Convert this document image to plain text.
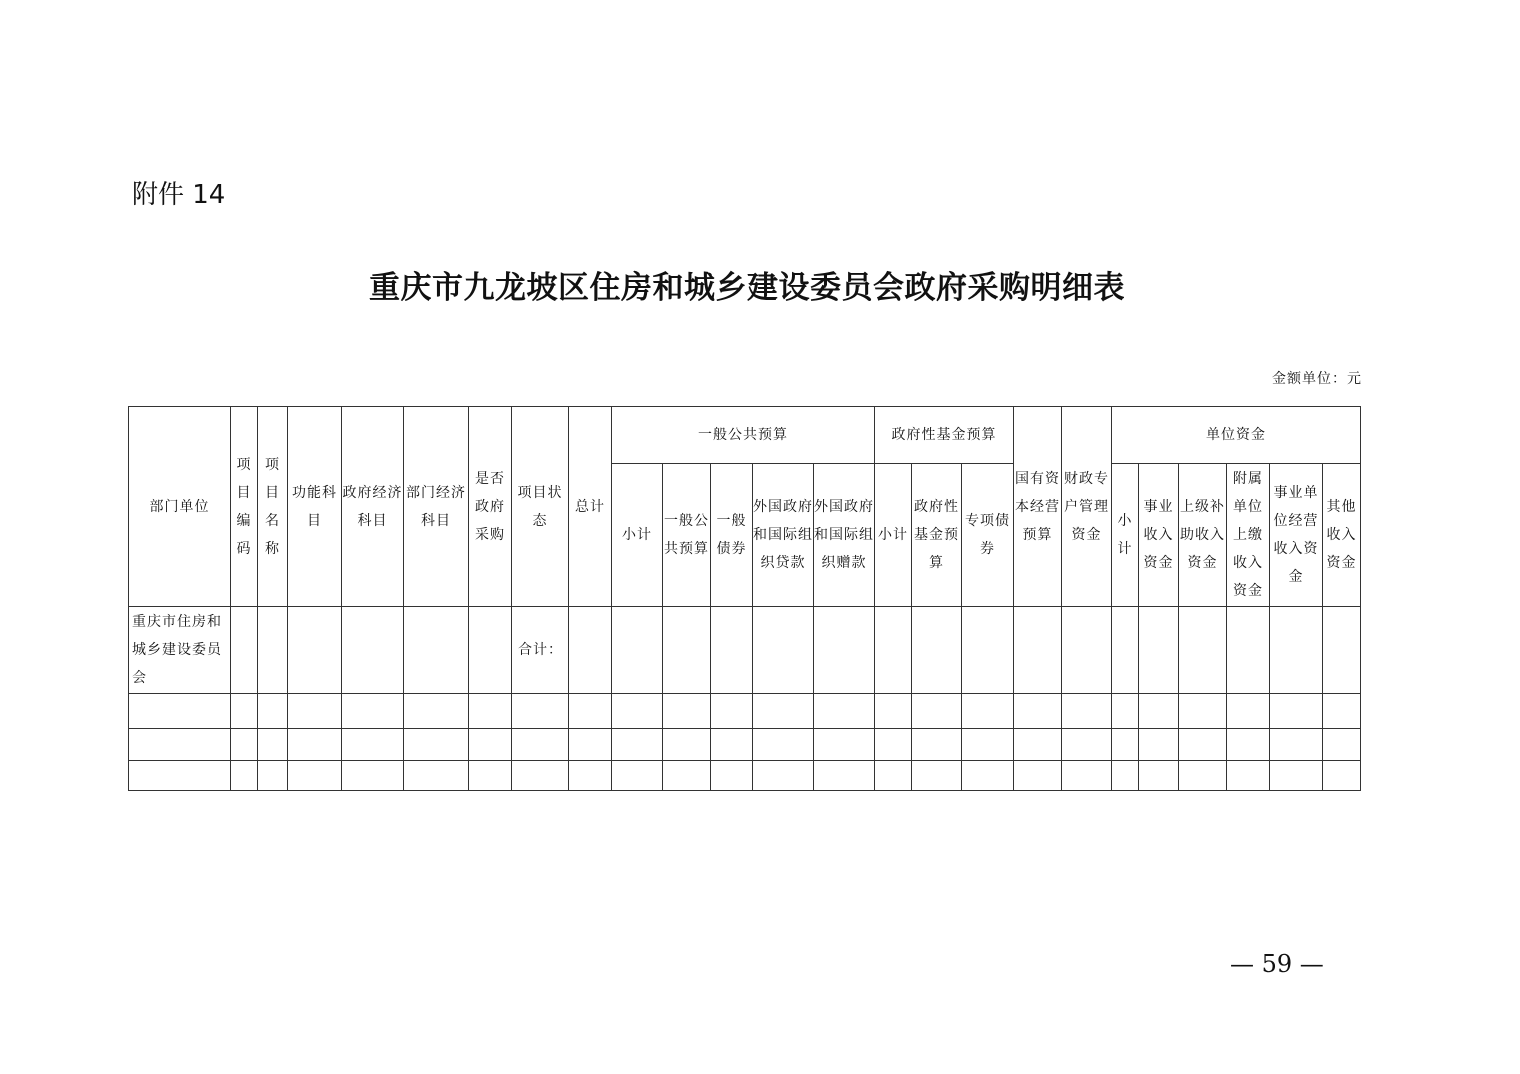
附件 14
重庆市九龙坡区住房和城乡建设委员会政府采购明细表
金额单位：元
部门单位	项目编码	项目名称	功能科目	政府经济科目	部门经济科目	是否政府采购	项目状态	总计	一般公共预算					政府性基金预算			国有资本经营预算	财政专户管理资金	单位资金					
									小计	一般公共预算	一般债券	外国政府和国际组织贷款	外国政府和国际组织赠款	小计	政府性基金预算	专项债券			小计	事业收入资金	上级补助收入资金	附属单位上缴收入资金	事业单位经营收入资金	其他收入资金
重庆市住房和城乡建设委员会							合计：																	

— 59 —
